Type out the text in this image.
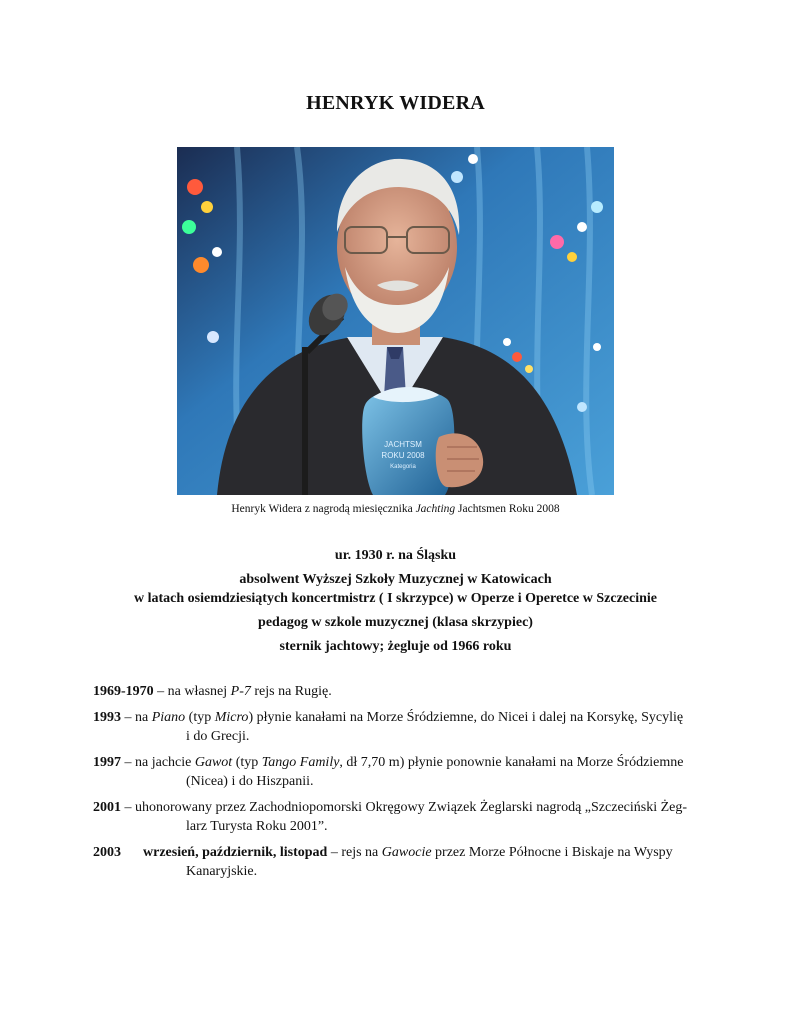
HENRYK WIDERA
JACHTSM
ROKU 2008
Kategoria
Henryk Widera z nagrodą miesięcznika Jachting Jachtsmen Roku 2008
ur. 1930 r. na Śląsku
absolwent Wyższej Szkoły Muzycznej w Katowicach
w latach osiemdziesiątych koncertmistrz ( I skrzypce) w Operze i Operetce w Szczecinie
pedagog w szkole muzycznej (klasa skrzypiec)
sternik jachtowy; żegluje od 1966 roku
1969-1970 – na własnej P-7 rejs na Rugię.
1993 – na Piano (typ Micro) płynie kanałami na Morze Śródziemne, do Nicei i dalej na Korsykę, Sycylię
i do Grecji.
1997 – na jachcie Gawot (typ Tango Family, dł 7,70 m) płynie ponownie kanałami na Morze Śródziemne
(Nicea) i do Hiszpanii.
2001 – uhonorowany przez Zachodniopomorski Okręgowy Związek Żeglarski nagrodą „Szczeciński Żeg-
larz Turysta Roku 2001”.
2003 wrzesień, październik, listopad – rejs na Gawocie przez Morze Północne i Biskaje na Wyspy
Kanaryjskie.
